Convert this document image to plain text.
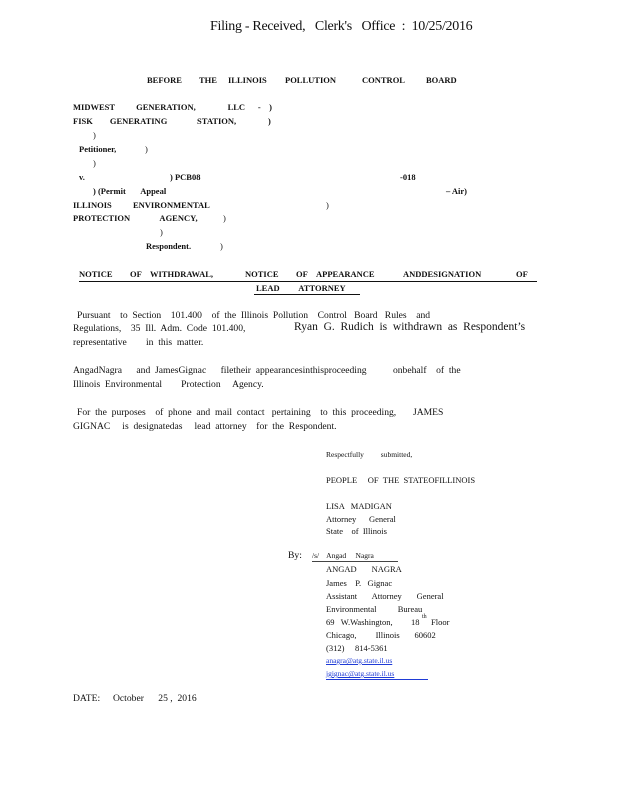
Filing - Received,   Clerk's   Office  :  10/25/2016
BEFORE THE ILLINOIS POLLUTION	CONTROL BOARD
MIDWEST          GENERATION,               LLC      -    )
FISK        GENERATING              STATION,               )
)
Petitioner,	)
)
v.	) PCB08	-018
) (Permit       Appeal	– Air)
ILLINOIS          ENVIRONMENTAL	)
PROTECTION              AGENCY,	)
)
Respondent.	)
NOTICE OF WITHDRAWAL,	NOTICE OF APPEARANCE	ANDDESIGNATION	OF
LEAD         ATTORNEY
Pursuant    to  Section    101.400    of  the  Illinois  Pollution    Control   Board   Rules    and
Regulations,    35  Ill.  Adm.  Code  101.400,	Ryan  G.  Rudich  is  withdrawn  as  Respondent’s
representative        in  this  matter.
AngadNagra      and  JamesGignac      filetheir  appearancesinthisproceeding           onbehalf    of  the
Illinois  Environmental        Protection     Agency.
For  the  purposes    of  phone  and  mail  contact   pertaining    to  this  proceeding,       JAMES
GIGNAC     is  designatedas     lead  attorney    for  the  Respondent.
Respectfully         submitted,
PEOPLE     OF  THE  STATEOFILLINOIS
LISA   MADIGAN
Attorney      General
State    of  Illinois
By: /s/    Angad     Nagra
ANGAD       NAGRA
James    P.   Gignac
Assistant       Attorney       General
Environmental          Bureau
69   W.Washington, 18 th Floor
Chicago,         Illinois       60602
(312)     814-5361
anagra@atg.state.il.us
jgignac@atg.state.il.us
DATE: October      25 ,  2016
